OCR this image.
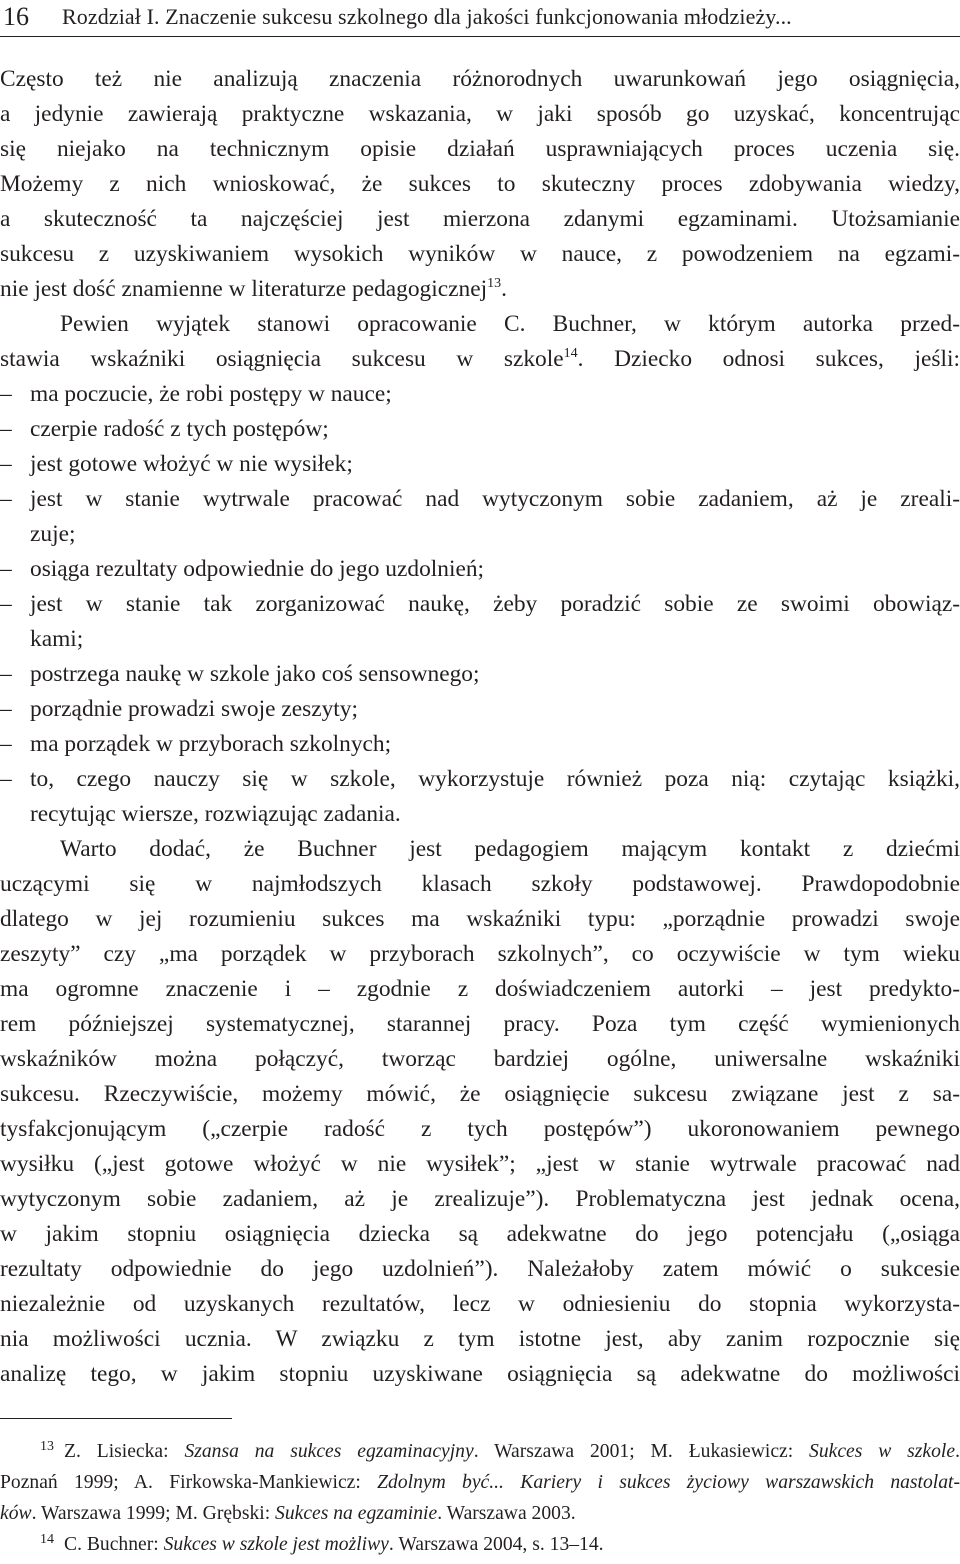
16 Rozdział I. Znaczenie sukcesu szkolnego dla jakości funkcjonowania młodzieży...
Często też nie analizują znaczenia różnorodnych uwarunkowań jego osiągnięcia,
a jedynie zawierają praktyczne wskazania, w jaki sposób go uzyskać, koncentrując
się niejako na technicznym opisie działań usprawniających proces uczenia się.
Możemy z nich wnioskować, że sukces to skuteczny proces zdobywania wiedzy,
a skuteczność ta najczęściej jest mierzona zdanymi egzaminami. Utożsamianie
sukcesu z uzyskiwaniem wysokich wyników w nauce, z powodzeniem na egzami-
nie jest dość znamienne w literaturze pedagogicznej$^{13}$.
Pewien wyjątek stanowi opracowanie C. Buchner, w którym autorka przed-
stawia wskaźniki osiągnięcia sukcesu w szkole$^{14}$. Dziecko odnosi sukces, jeśli:
– ma poczucie, że robi postępy w nauce;
– czerpie radość z tych postępów;
– jest gotowe włożyć w nie wysiłek;
– jest w stanie wytrwale pracować nad wytyczonym sobie zadaniem, aż je zreali-
zuje;
– osiąga rezultaty odpowiednie do jego uzdolnień;
– jest w stanie tak zorganizować naukę, żeby poradzić sobie ze swoimi obowiąz-
kami;
– postrzega naukę w szkole jako coś sensownego;
– porządnie prowadzi swoje zeszyty;
– ma porządek w przyborach szkolnych;
– to, czego nauczy się w szkole, wykorzystuje również poza nią: czytając książki,
recytując wiersze, rozwiązując zadania.
Warto dodać, że Buchner jest pedagogiem mającym kontakt z dziećmi
uczącymi się w najmłodszych klasach szkoły podstawowej. Prawdopodobnie
dlatego w jej rozumieniu sukces ma wskaźniki typu: „porządnie prowadzi swoje
zeszyty” czy „ma porządek w przyborach szkolnych”, co oczywiście w tym wieku
ma ogromne znaczenie i – zgodnie z doświadczeniem autorki – jest predykto-
rem późniejszej systematycznej, starannej pracy. Poza tym część wymienionych
wskaźników można połączyć, tworząc bardziej ogólne, uniwersalne wskaźniki
sukcesu. Rzeczywiście, możemy mówić, że osiągnięcie sukcesu związane jest z sa-
tysfakcjonującym („czerpie radość z tych postępów”) ukoronowaniem pewnego
wysiłku („jest gotowe włożyć w nie wysiłek”; „jest w stanie wytrwale pracować nad
wytyczonym sobie zadaniem, aż je zrealizuje”). Problematyczna jest jednak ocena,
w jakim stopniu osiągnięcia dziecka są adekwatne do jego potencjału („osiąga
rezultaty odpowiednie do jego uzdolnień”). Należałoby zatem mówić o sukcesie
niezależnie od uzyskanych rezultatów, lecz w odniesieniu do stopnia wykorzysta-
nia możliwości ucznia. W związku z tym istotne jest, aby zanim rozpocznie się
analizę tego, w jakim stopniu uzyskiwane osiągnięcia są adekwatne do możliwości
13 Z. Lisiecka: Szansa na sukces egzaminacyjny. Warszawa 2001; M. Łukasiewicz: Sukces w szkole.
Poznań 1999; A. Firkowska-Mankiewicz: Zdolnym być... Kariery i sukces życiowy warszawskich nastolat-
ków. Warszawa 1999; M. Grębski: Sukces na egzaminie. Warszawa 2003.
14 C. Buchner: Sukces w szkole jest możliwy. Warszawa 2004, s. 13–14.
